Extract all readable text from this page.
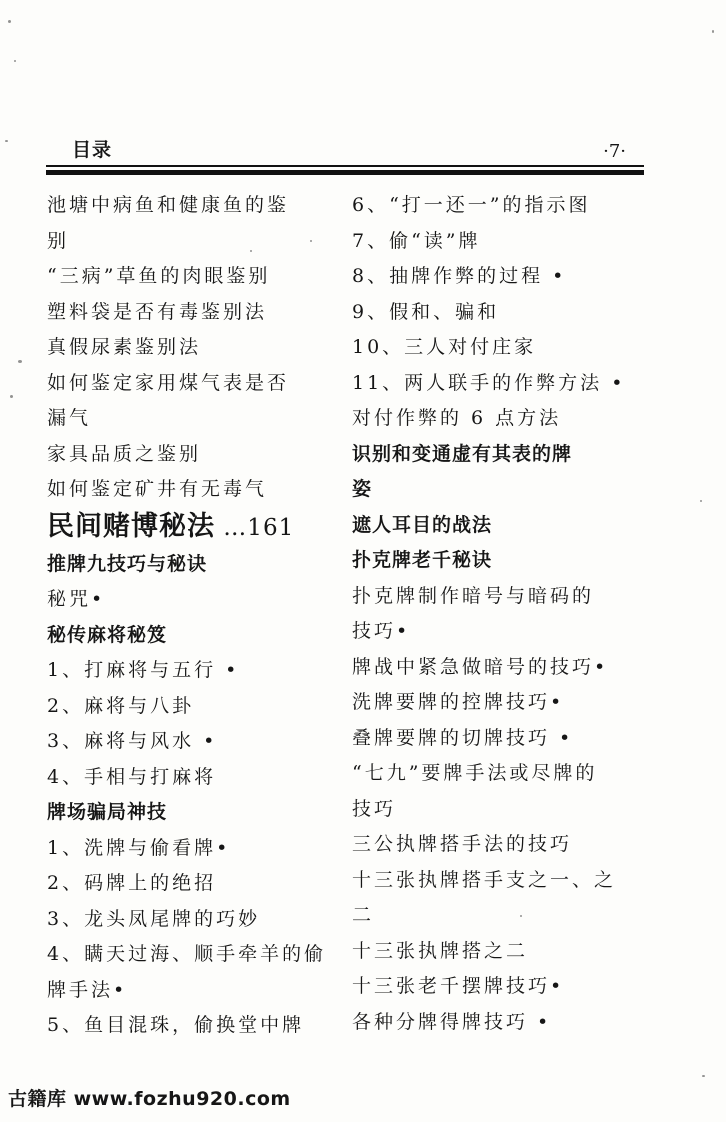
目录	·7·
池塘中病鱼和健康鱼的鉴
别
“三病”草鱼的肉眼鉴别
塑料袋是否有毒鉴别法
真假尿素鉴别法
如何鉴定家用煤气表是否
漏气
家具品质之鉴别
如何鉴定矿井有无毒气
民间赌博秘法 …161
推牌九技巧与秘诀
秘咒•
秘传麻将秘笈
1、打麻将与五行 •
2、麻将与八卦
3、麻将与风水 •
4、手相与打麻将
牌场骗局神技
1、洗牌与偷看牌•
2、码牌上的绝招
3、龙头凤尾牌的巧妙
4、瞒天过海、顺手牵羊的偷
牌手法•
5、鱼目混珠，偷换堂中牌
6、“打一还一”的指示图
7、偷“读”牌
8、抽牌作弊的过程 •
9、假和、骗和
10、三人对付庄家
11、两人联手的作弊方法 •
对付作弊的 6 点方法
识别和变通虚有其表的牌
姿
遮人耳目的战法
扑克牌老千秘诀
扑克牌制作暗号与暗码的
技巧•
牌战中紧急做暗号的技巧•
洗牌要牌的控牌技巧•
叠牌要牌的切牌技巧 •
“七九”要牌手法或尽牌的
技巧
三公执牌搭手法的技巧
十三张执牌搭手支之一、之
二
十三张执牌搭之二
十三张老千摆牌技巧•
各种分牌得牌技巧 •
古籍库 www.fozhu920.com
